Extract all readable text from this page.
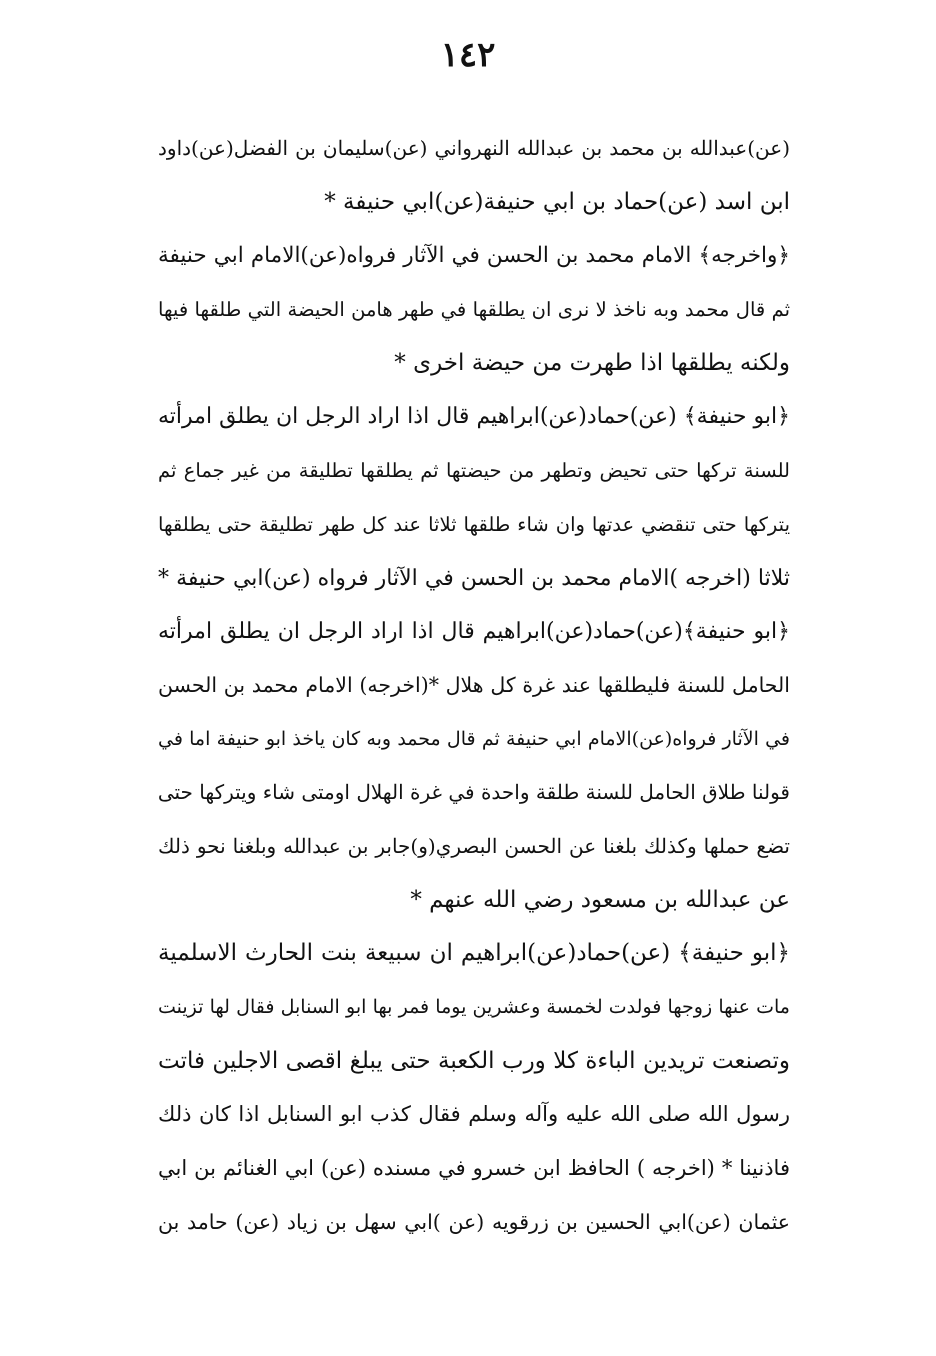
١٤٢
(عن)عبدالله بن محمد بن عبدالله النهرواني (عن)سليمان بن الفضل(عن)داود
ابن اسد (عن)حماد بن ابي حنيفة(عن)ابي حنيفة *
﴿واخرجه﴾ الامام محمد بن الحسن في الآثار فرواه(عن)الامام ابي حنيفة
ثم قال محمد وبه ناخذ لا نرى ان يطلقها في طهر هامن الحيضة التي طلقها فيها
ولكنه يطلقها اذا طهرت من حيضة اخرى *
﴿ابو حنيفة﴾ (عن)حماد(عن)ابراهيم قال اذا اراد الرجل ان يطلق امرأته
للسنة تركها حتى تحيض وتطهر من حيضتها ثم يطلقها تطليقة من غير جماع ثم
يتركها حتى تنقضي عدتها وان شاء طلقها ثلاثا عند كل طهر تطليقة حتى يطلقها
ثلاثا (اخرجه )الامام محمد بن الحسن في الآثار فرواه (عن)ابي حنيفة *
﴿ابو حنيفة﴾(عن)حماد(عن)ابراهيم قال اذا اراد الرجل ان يطلق امرأته
الحامل للسنة فليطلقها عند غرة كل هلال *(اخرجه) الامام محمد بن الحسن
في الآثار فرواه(عن)الامام ابي حنيفة ثم قال محمد وبه كان ياخذ ابو حنيفة اما في
قولنا طلاق الحامل للسنة طلقة واحدة في غرة الهلال اومتى شاء ويتركها حتى
تضع حملها وكذلك بلغنا عن الحسن البصري(و)جابر بن عبدالله وبلغنا نحو ذلك
عن عبدالله بن مسعود رضي الله عنهم *
﴿ابو حنيفة﴾ (عن)حماد(عن)ابراهيم ان سبيعة بنت الحارث الاسلمية
مات عنها زوجها فولدت لخمسة وعشرين يوما فمر بها ابو السنابل فقال لها تزينت
وتصنعت تريدين الباءة كلا ورب الكعبة حتى يبلغ اقصى الاجلين فاتت
رسول الله صلى الله عليه وآله وسلم فقال كذب ابو السنابل اذا كان ذلك
فاذنينا * (اخرجه ) الحافظ ابن خسرو في مسنده (عن) ابي الغنائم بن ابي
عثمان (عن)ابي الحسين بن زرقويه (عن )ابي سهل بن زياد (عن) حامد بن
